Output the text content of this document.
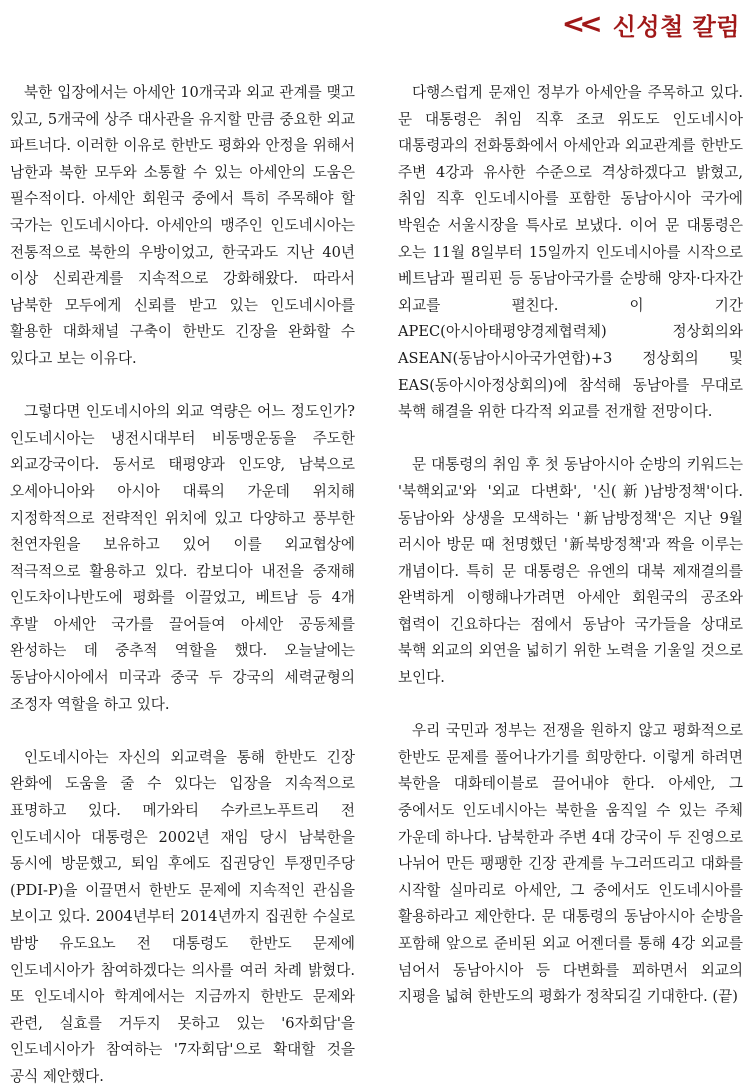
<< 신성철 칼럼

북한 입장에서는 아세안 10개국과 외교 관계를 맺고 있고, 5개국에 상주 대사관을 유지할 만큼 중요한 외교 파트너다. 이러한 이유로 한반도 평화와 안정을 위해서 남한과 북한 모두와 소통할 수 있는 아세안의 도움은 필수적이다. 아세안 회원국 중에서 특히 주목해야 할 국가는 인도네시아다. 아세안의 맹주인 인도네시아는 전통적으로 북한의 우방이었고, 한국과도 지난 40년 이상 신뢰관계를 지속적으로 강화해왔다. 따라서 남북한 모두에게 신뢰를 받고 있는 인도네시아를 활용한 대화채널 구축이 한반도 긴장을 완화할 수 있다고 보는 이유다.

그렇다면 인도네시아의 외교 역량은 어느 정도인가? 인도네시아는 냉전시대부터 비동맹운동을 주도한 외교강국이다. 동서로 태평양과 인도양, 남북으로 오세아니아와 아시아 대륙의 가운데 위치해 지정학적으로 전략적인 위치에 있고 다양하고 풍부한 천연자원을 보유하고 있어 이를 외교협상에 적극적으로 활용하고 있다. 캄보디아 내전을 중재해 인도차이나반도에 평화를 이끌었고, 베트남 등 4개 후발 아세안 국가를 끌어들여 아세안 공동체를 완성하는 데 중추적 역할을 했다. 오늘날에는 동남아시아에서 미국과 중국 두 강국의 세력균형의 조정자 역할을 하고 있다.

인도네시아는 자신의 외교력을 통해 한반도 긴장 완화에 도움을 줄 수 있다는 입장을 지속적으로 표명하고 있다. 메가와티 수카르노푸트리 전 인도네시아 대통령은 2002년 재임 당시 남북한을 동시에 방문했고, 퇴임 후에도 집권당인 투쟁민주당(PDI-P)을 이끌면서 한반도 문제에 지속적인 관심을 보이고 있다. 2004년부터 2014년까지 집권한 수실로 밤방 유도요노 전 대통령도 한반도 문제에 인도네시아가 참여하겠다는 의사를 여러 차례 밝혔다. 또 인도네시아 학계에서는 지금까지 한반도 문제와 관련, 실효를 거두지 못하고 있는 '6자회담'을 인도네시아가 참여하는 '7자회담'으로 확대할 것을 공식 제안했다.

다행스럽게 문재인 정부가 아세안을 주목하고 있다. 문 대통령은 취임 직후 조코 위도도 인도네시아 대통령과의 전화통화에서 아세안과 외교관계를 한반도 주변 4강과 유사한 수준으로 격상하겠다고 밝혔고, 취임 직후 인도네시아를 포함한 동남아시아 국가에 박원순 서울시장을 특사로 보냈다. 이어 문 대통령은 오는 11월 8일부터 15일까지 인도네시아를 시작으로 베트남과 필리핀 등 동남아국가를 순방해 양자·다자간 외교를 펼친다. 이 기간 APEC(아시아태평양경제협력체) 정상회의와 ASEAN(동남아시아국가연합)+3 정상회의 및 EAS(동아시아정상회의)에 참석해 동남아를 무대로 북핵 해결을 위한 다각적 외교를 전개할 전망이다.

문 대통령의 취임 후 첫 동남아시아 순방의 키워드는 '북핵외교'와 '외교 다변화', '신(新)남방정책'이다. 동남아와 상생을 모색하는 '新남방정책'은 지난 9월 러시아 방문 때 천명했던 '新북방정책'과 짝을 이루는 개념이다. 특히 문 대통령은 유엔의 대북 제재결의를 완벽하게 이행해나가려면 아세안 회원국의 공조와 협력이 긴요하다는 점에서 동남아 국가들을 상대로 북핵 외교의 외연을 넓히기 위한 노력을 기울일 것으로 보인다.

우리 국민과 정부는 전쟁을 원하지 않고 평화적으로 한반도 문제를 풀어나가기를 희망한다. 이렇게 하려면 북한을 대화테이블로 끌어내야 한다. 아세안, 그 중에서도 인도네시아는 북한을 움직일 수 있는 주체 가운데 하나다. 남북한과 주변 4대 강국이 두 진영으로 나뉘어 만든 팽팽한 긴장 관계를 누그러뜨리고 대화를 시작할 실마리로 아세안, 그 중에서도 인도네시아를 활용하라고 제안한다. 문 대통령의 동남아시아 순방을 포함해 앞으로 준비된 외교 어젠더를 통해 4강 외교를 넘어서 동남아시아 등 다변화를 꾀하면서 외교의 지평을 넓혀 한반도의 평화가 정착되길 기대한다. (끝)
